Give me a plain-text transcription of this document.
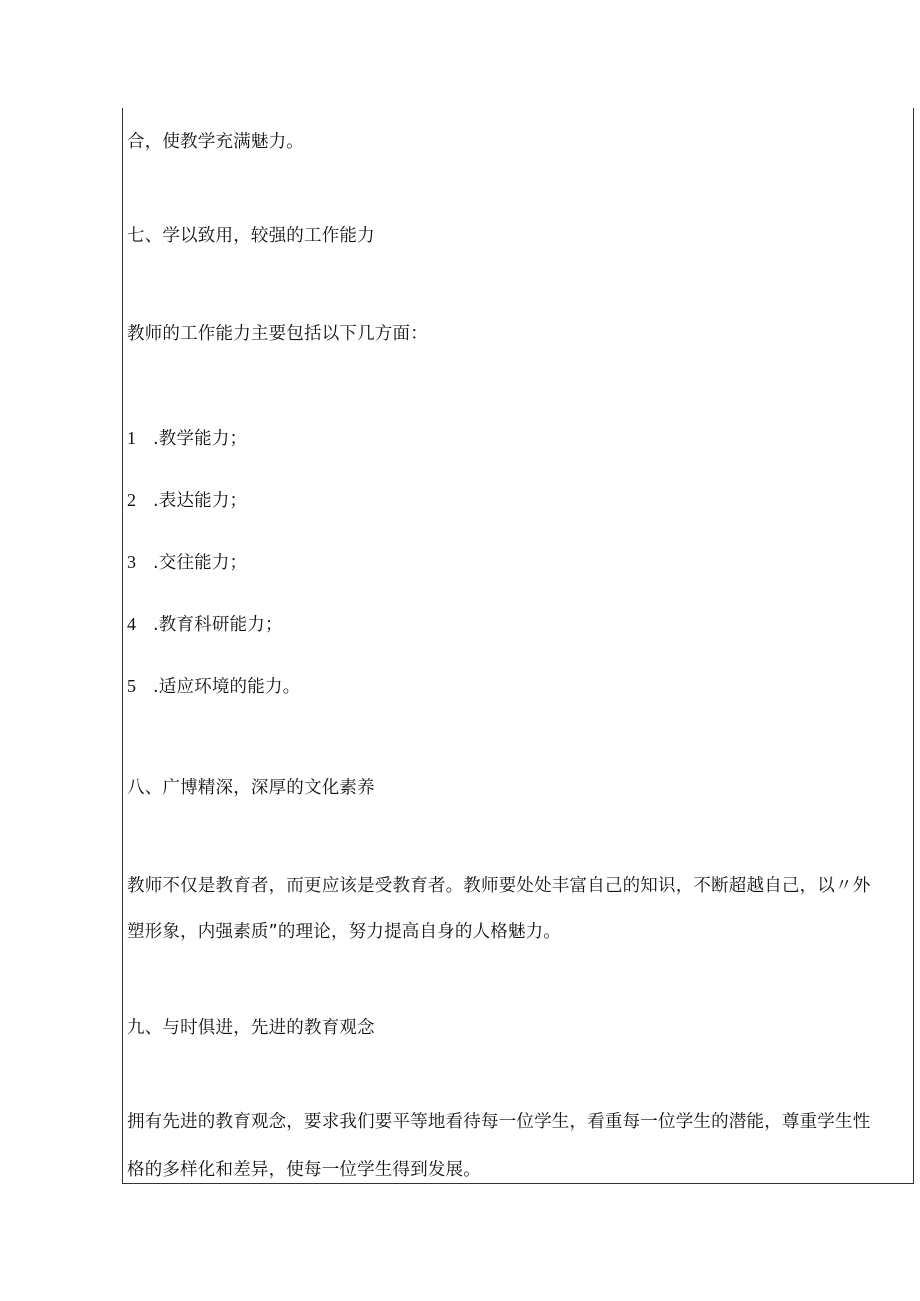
合，使教学充满魅力。

七、学以致用，较强的工作能力

教师的工作能力主要包括以下几方面：

1 .教学能力；

2 .表达能力；

3 .交往能力；

4 .教育科研能力；

5 .适应环境的能力。

八、广博精深，深厚的文化素养

教师不仅是教育者，而更应该是受教育者。教师要处处丰富自己的知识，不断超越自己，以〃外

塑形象，内强素质”的理论，努力提高自身的人格魅力。

九、与时俱进，先进的教育观念

拥有先进的教育观念，要求我们要平等地看待每一位学生，看重每一位学生的潜能，尊重学生性

格的多样化和差异，使每一位学生得到发展。
